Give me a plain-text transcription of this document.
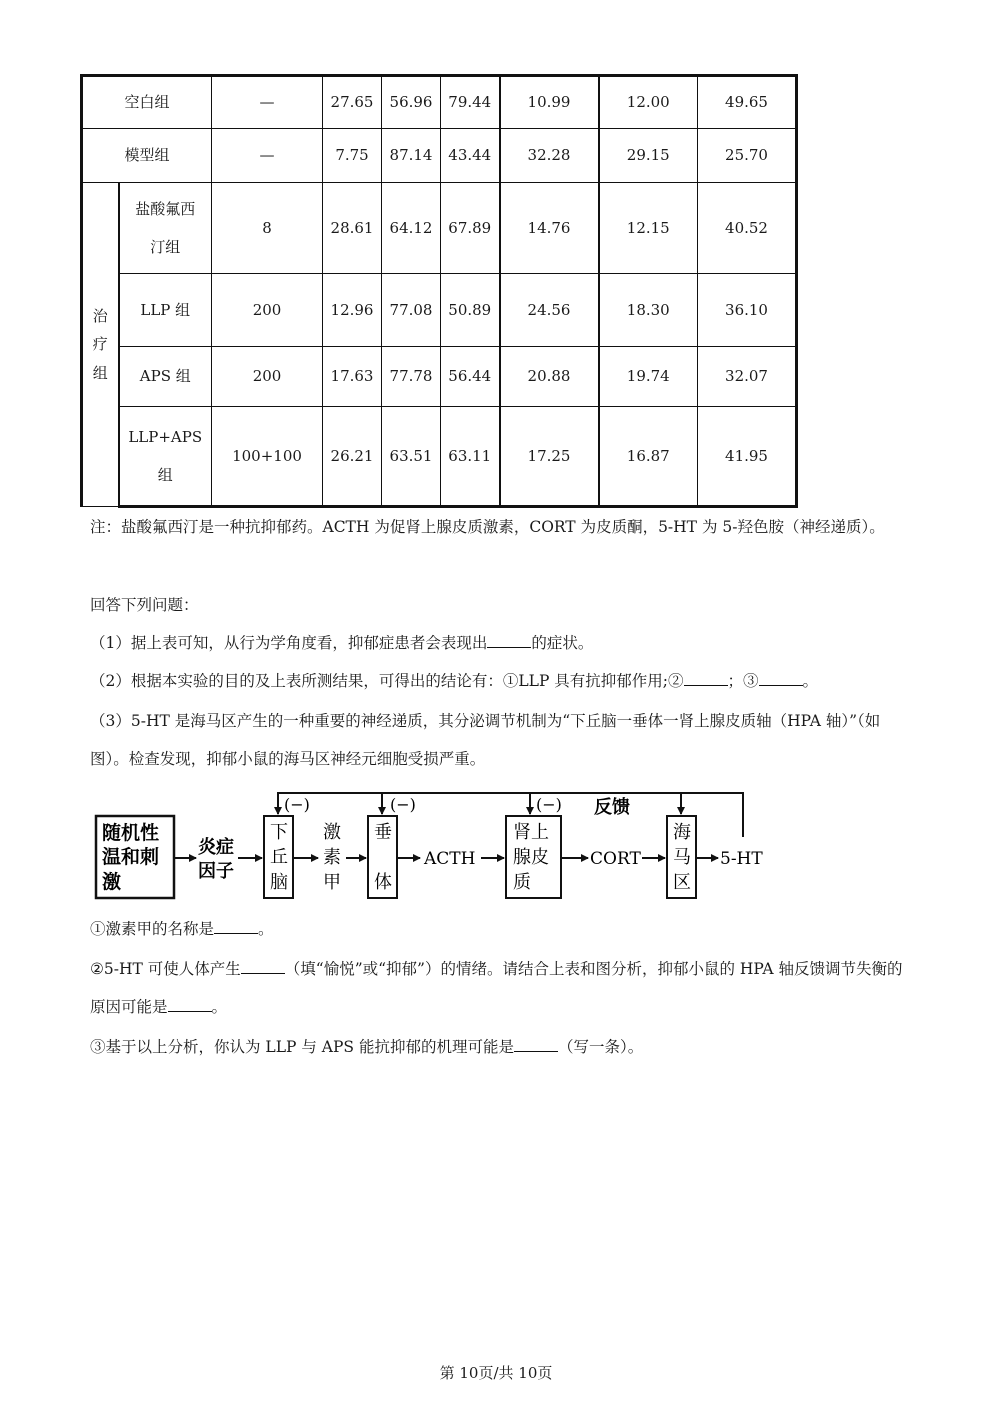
空白组		—	27.65	56.96	79.44	10.99	12.00	49.65
模型组		—	7.75	87.14	43.44	32.28	29.15	25.70
治疗组	盐酸氟西汀组	8	28.61	64.12	67.89	14.76	12.15	40.52
	LLP 组	200	12.96	77.08	50.89	24.56	18.30	36.10
	APS 组	200	17.63	77.78	56.44	20.88	19.74	32.07

	LLP+APS组	100+100	26.21	63.51	63.11	17.25	16.87	41.95
注：盐酸氟西汀是一种抗抑郁药。ACTH 为促肾上腺皮质激素，CORT 为皮质酮，5-HT 为 5-羟色胺（神经递质）。
回答下列问题：
（1）据上表可知，从行为学角度看，抑郁症患者会表现出	的症状。
（2）根据本实验的目的及上表所测结果，可得出的结论有：①LLP 具有抗抑郁作用;②	；③	。
（3）5-HT 是海马区产生的一种重要的神经递质，其分泌调节机制为“下丘脑一垂体一肾上腺皮质轴（HPA 轴）”（如图）。检查发现，抑郁小鼠的海马区神经元细胞受损严重。
随机性
温和刺
激
炎症
因子
下
丘
脑
激
素
甲
垂
体
ACTH
肾上
腺皮
质
CORT
海
马
区
5-HT
(−)	(−)	(−) 反馈
①激素甲的名称是	。
②5-HT 可使人体产生	（填“愉悦”或“抑郁”）的情绪。请结合上表和图分析，抑郁小鼠的 HPA 轴反馈调节失衡的原因可能是	。
③基于以上分析，你认为 LLP 与 APS 能抗抑郁的机理可能是	（写一条）。
第 10页/共 10页
